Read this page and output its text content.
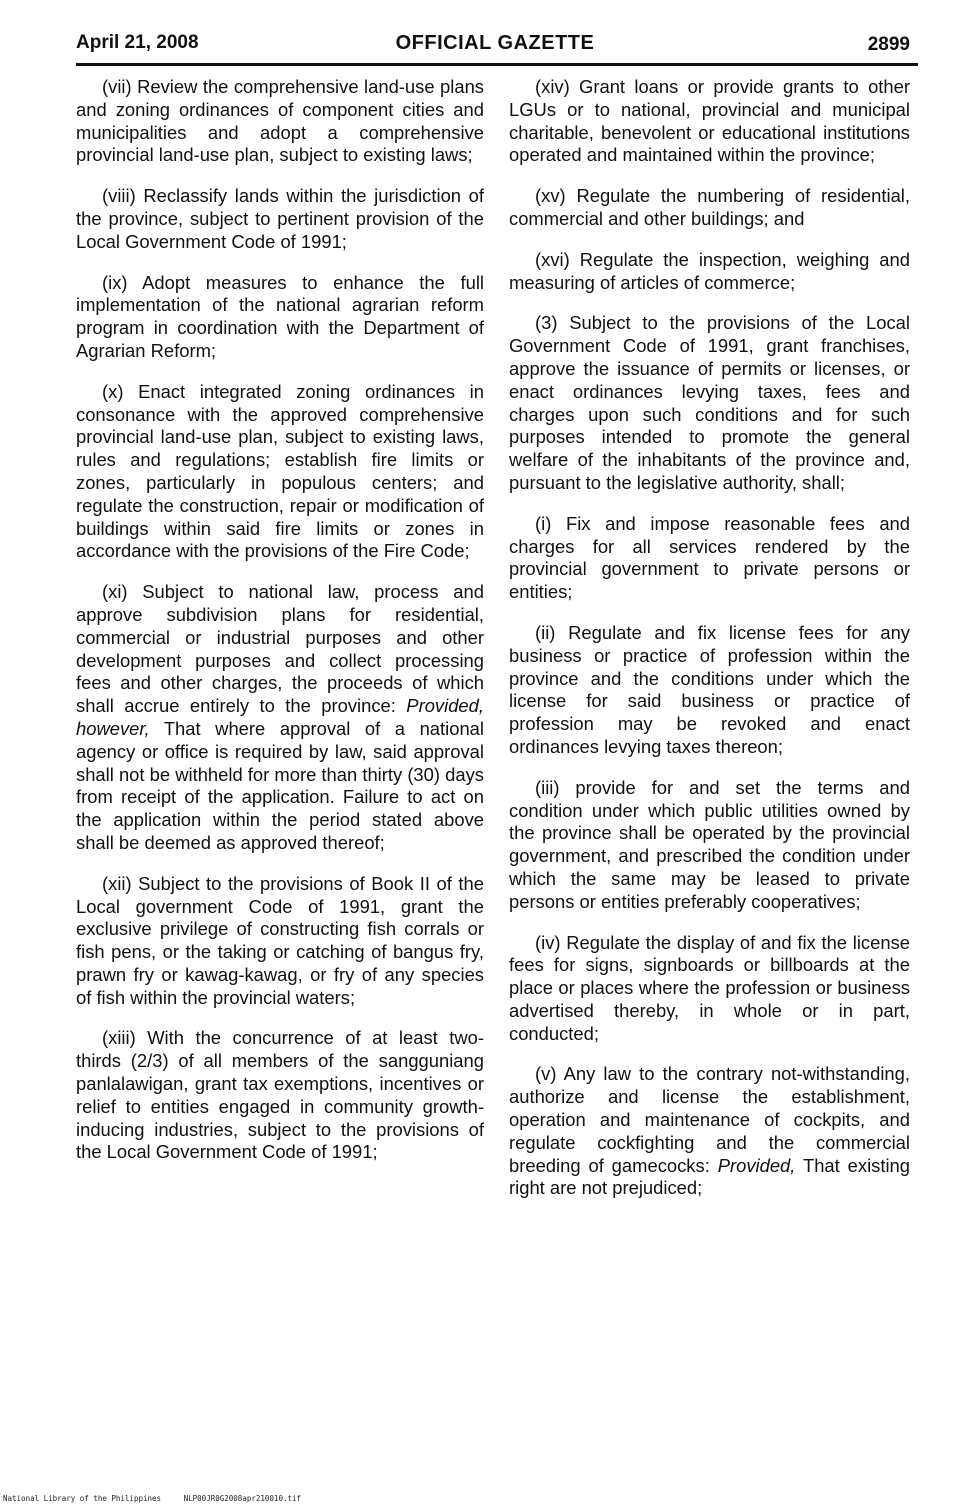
April 21, 2008	OFFICIAL GAZETTE	2899

(vii) Review the comprehensive land-use plans and zoning ordinances of component cities and municipalities and adopt a comprehensive provincial land-use plan, subject to existing laws;

(viii) Reclassify lands within the jurisdiction of the province, subject to pertinent provision of the Local Government Code of 1991;

(ix) Adopt measures to enhance the full implementation of the national agrarian reform program in coordination with the Department of Agrarian Reform;

(x) Enact integrated zoning ordinances in consonance with the approved comprehensive provincial land-use plan, subject to existing laws, rules and regulations; establish fire limits or zones, particularly in populous centers; and regulate the construction, repair or modification of buildings within said fire limits or zones in accordance with the provisions of the Fire Code;

(xi) Subject to national law, process and approve subdivision plans for residential, commercial or industrial purposes and other development purposes and collect processing fees and other charges, the proceeds of which shall accrue entirely to the province: Provided, however, That where approval of a national agency or office is required by law, said approval shall not be withheld for more than thirty (30) days from receipt of the application. Failure to act on the application within the period stated above shall be deemed as approved thereof;

(xii) Subject to the provisions of Book II of the Local government Code of 1991, grant the exclusive privilege of constructing fish corrals or fish pens, or the taking or catching of bangus fry, prawn fry or kawag-kawag, or fry of any species of fish within the provincial waters;

(xiii) With the concurrence of at least two-thirds (2/3) of all members of the sangguniang panlalawigan, grant tax exemptions, incentives or relief to entities engaged in community growth-inducing industries, subject to the provisions of the Local Government Code of 1991;

(xiv) Grant loans or provide grants to other LGUs or to national, provincial and municipal charitable, benevolent or educational institutions operated and maintained within the province;

(xv) Regulate the numbering of residential, commercial and other buildings; and

(xvi) Regulate the inspection, weighing and measuring of articles of commerce;

(3) Subject to the provisions of the Local Government Code of 1991, grant franchises, approve the issuance of permits or licenses, or enact ordinances levying taxes, fees and charges upon such conditions and for such purposes intended to promote the general welfare of the inhabitants of the province and, pursuant to the legislative authority, shall;

(i) Fix and impose reasonable fees and charges for all services rendered by the provincial government to private persons or entities;

(ii) Regulate and fix license fees for any business or practice of profession within the province and the conditions under which the license for said business or practice of profession may be revoked and enact ordinances levying taxes thereon;

(iii) provide for and set the terms and condition under which public utilities owned by the province shall be operated by the provincial government, and prescribed the condition under which the same may be leased to private persons or entities preferably cooperatives;

(iv) Regulate the display of and fix the license fees for signs, signboards or billboards at the place or places where the profession or business advertised thereby, in whole or in part, conducted;

(v) Any law to the contrary not-withstanding, authorize and license the establishment, operation and maintenance of cockpits, and regulate cockfighting and the commercial breeding of gamecocks: Provided, That existing right are not prejudiced;

National Library of the Philippines	NLP00JR0G2008apr210010.tif
